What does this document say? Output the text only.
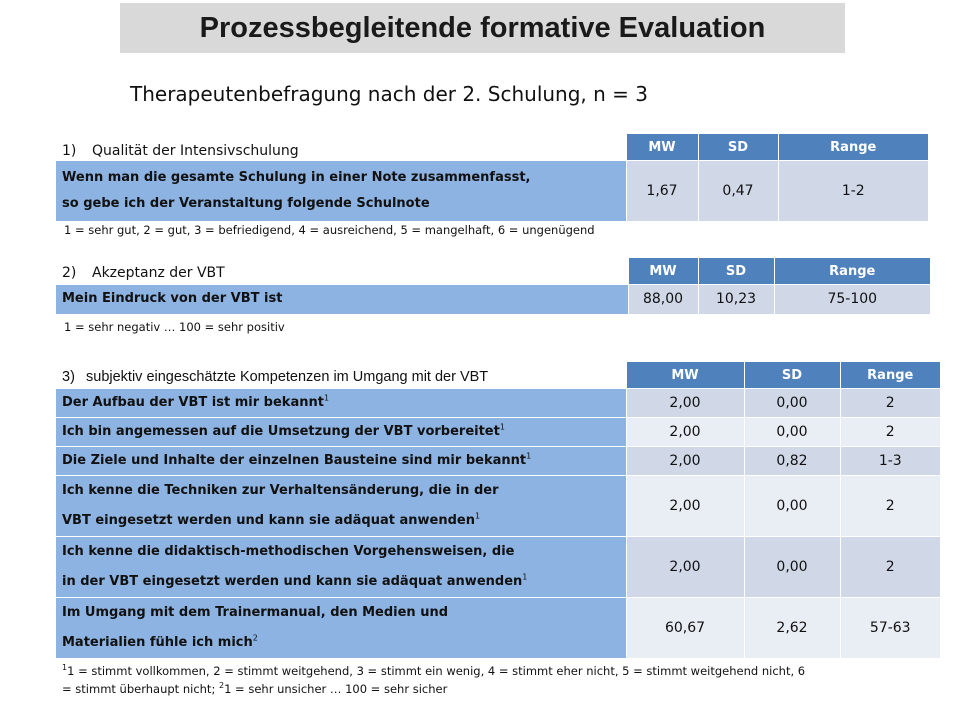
Prozessbegleitende formative Evaluation
Therapeutenbefragung nach der 2. Schulung, n = 3
1) Qualität der Intensivschulung
		MW	SD	Range
Wenn man die gesamte Schulung in einer Note zusammenfasst,
so gebe ich der Veranstaltung folgende Schulnote	1,67	0,47	1-2
1 = sehr gut, 2 = gut, 3 = befriedigend, 4 = ausreichend, 5 = mangelhaft, 6 = ungenügend
2) Akzeptanz der VBT
		MW	SD	Range
Mein Eindruck von der VBT ist	88,00	10,23	75-100
1 = sehr negativ … 100 = sehr positiv
3) subjektiv eingeschätzte Kompetenzen im Umgang mit der VBT
		MW	SD	Range
Der Aufbau der VBT ist mir bekannt$^1$	2,00	0,00	2
Ich bin angemessen auf die Umsetzung der VBT vorbereitet$^1$	2,00	0,00	2
Die Ziele und Inhalte der einzelnen Bausteine sind mir bekannt$^1$	2,00	0,82	1-3
Ich kenne die Techniken zur Verhaltensänderung, die in der
VBT eingesetzt werden und kann sie adäquat anwenden$^1$	2,00	0,00	2
Ich kenne die didaktisch-methodischen Vorgehensweisen, die
in der VBT eingesetzt werden und kann sie adäquat anwenden$^1$	2,00	0,00	2
Im Umgang mit dem Trainermanual, den Medien und
Materialien fühle ich mich$^2$	60,67	2,62	57-63
$^1$1 = stimmt vollkommen, 2 = stimmt weitgehend, 3 = stimmt ein wenig, 4 = stimmt eher nicht, 5 = stimmt weitgehend nicht, 6
= stimmt überhaupt nicht; $^2$1 = sehr unsicher … 100 = sehr sicher
